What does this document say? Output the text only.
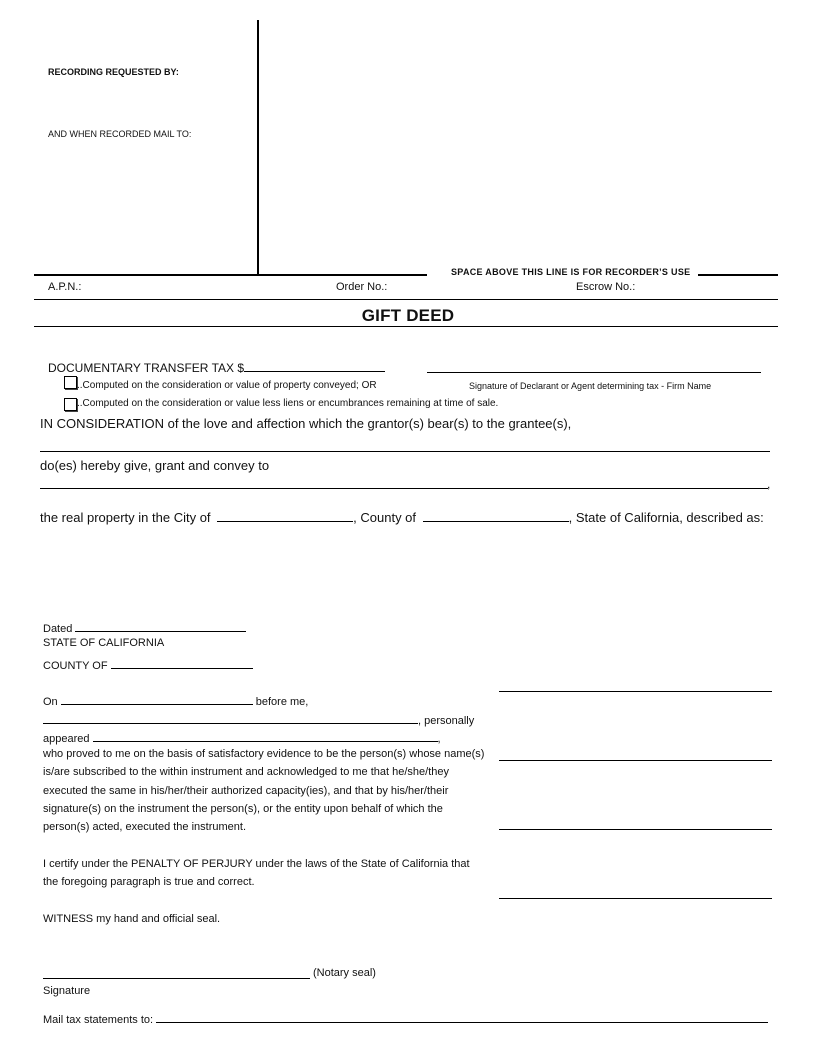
RECORDING REQUESTED BY:
AND WHEN RECORDED MAIL TO:
SPACE ABOVE THIS LINE IS FOR RECORDER’S USE
A.P.N.:	Order No.:	Escrow No.:
GIFT DEED
DOCUMENTARY TRANSFER TAX $
Signature of Declarant or Agent determining tax - Firm Name
..Computed on the consideration or value of property conveyed; OR
..Computed on the consideration or value less liens or encumbrances remaining at time of sale.
IN CONSIDERATION of the love and affection which the grantor(s) bear(s) to the grantee(s),
do(es) hereby give, grant and convey to
,
the real property in the City of	, County of	, State of California, described as:
Dated
STATE OF CALIFORNIA
COUNTY OF
On	before me,
, personally
appeared	,
who proved to me on the basis of satisfactory evidence to be the person(s) whose name(s)
is/are subscribed to the within instrument and acknowledged to me that he/she/they
executed the same in his/her/their authorized capacity(ies), and that by his/her/their
signature(s) on the instrument the person(s), or the entity upon behalf of which the
person(s) acted, executed the instrument.
I certify under the PENALTY OF PERJURY under the laws of the State of California that
the foregoing paragraph is true and correct.
WITNESS my hand and official seal.
(Notary seal)
Signature
Mail tax statements to:
